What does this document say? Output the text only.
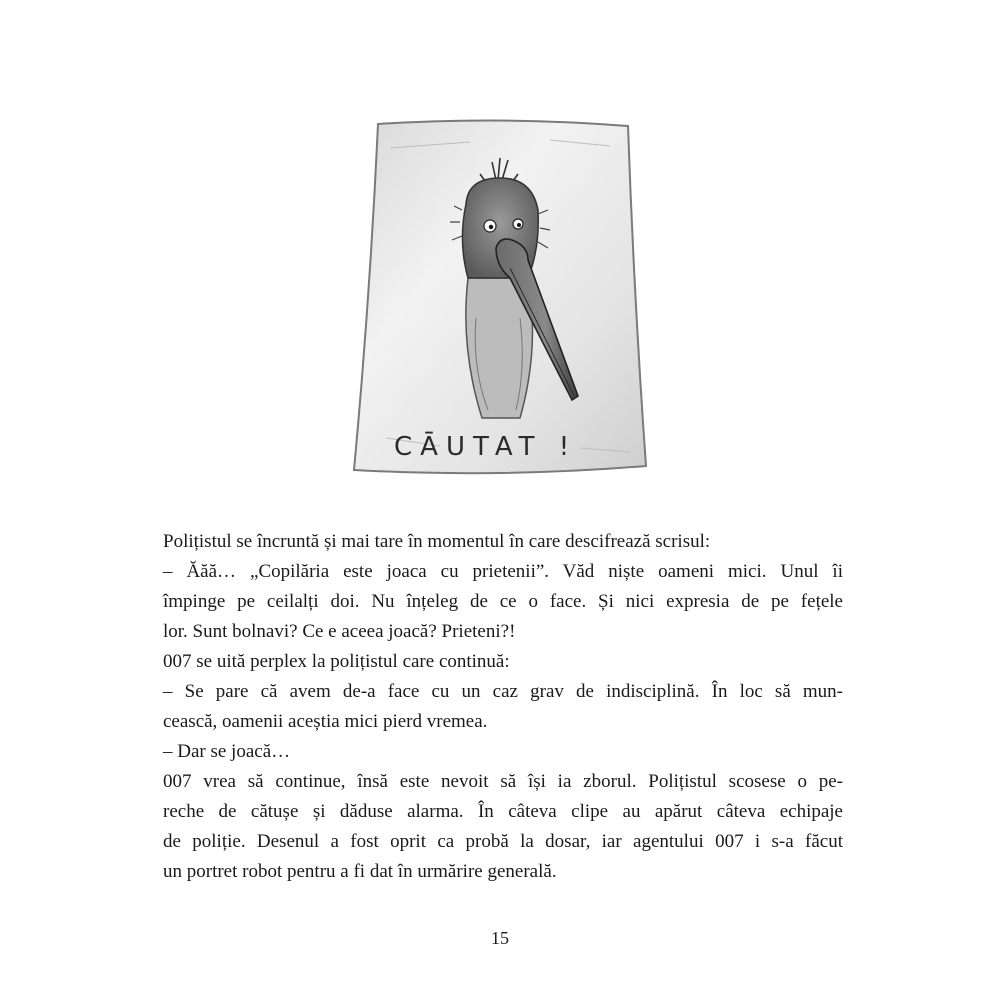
CĀUTAT !
Polițistul se încruntă și mai tare în momentul în care descifrează scrisul:
– Ăăă… „Copilăria este joaca cu prietenii”. Văd niște oameni mici. Unul îi
împinge pe ceilalți doi. Nu înțeleg de ce o face. Și nici expresia de pe fețele
lor. Sunt bolnavi? Ce e aceea joacă? Prieteni?!
007 se uită perplex la polițistul care continuă:
– Se pare că avem de-a face cu un caz grav de indisciplină. În loc să mun-
cească, oamenii aceștia mici pierd vremea.
– Dar se joacă…
007 vrea să continue, însă este nevoit să își ia zborul. Polițistul scosese o pe-
reche de cătușe și dăduse alarma. În câteva clipe au apărut câteva echipaje
de poliție. Desenul a fost oprit ca probă la dosar, iar agentului 007 i s-a făcut
un portret robot pentru a fi dat în urmărire generală.
15
